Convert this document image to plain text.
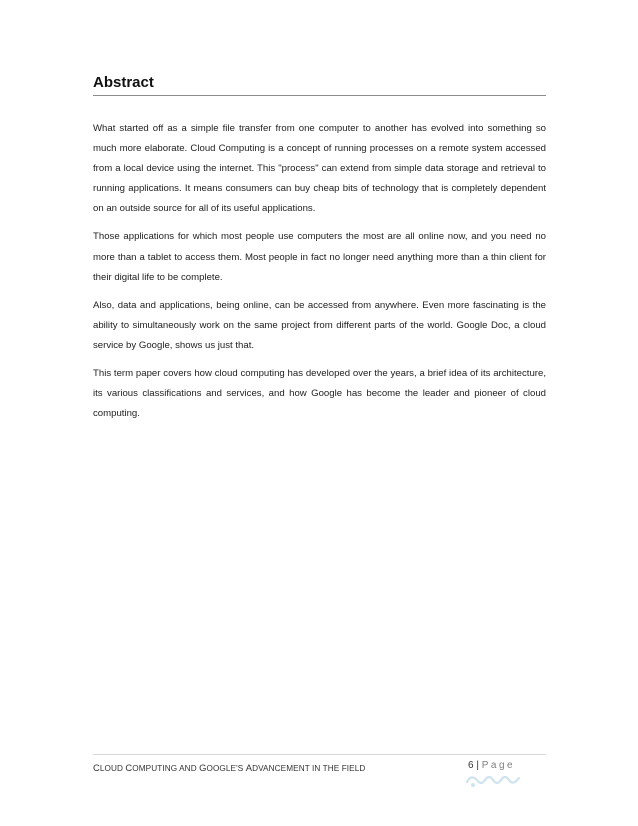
Abstract

What started off as a simple file transfer from one computer to another has evolved into something so much more elaborate. Cloud Computing is a concept of running processes on a remote system accessed from a local device using the internet. This "process" can extend from simple data storage and retrieval to running applications. It means consumers can buy cheap bits of technology that is completely dependent on an outside source for all of its useful applications.

Those applications for which most people use computers the most are all online now, and you need no more than a tablet to access them. Most people in fact no longer need anything more than a thin client for their digital life to be complete.

Also, data and applications, being online, can be accessed from anywhere. Even more fascinating is the ability to simultaneously work on the same project from different parts of the world. Google Doc, a cloud service by Google, shows us just that.

This term paper covers how cloud computing has developed over the years, a brief idea of its architecture, its various classifications and services, and how Google has become the leader and pioneer of cloud computing.

CLOUD COMPUTING AND GOOGLE'S ADVANCEMENT IN THE FIELD	6 | Page
